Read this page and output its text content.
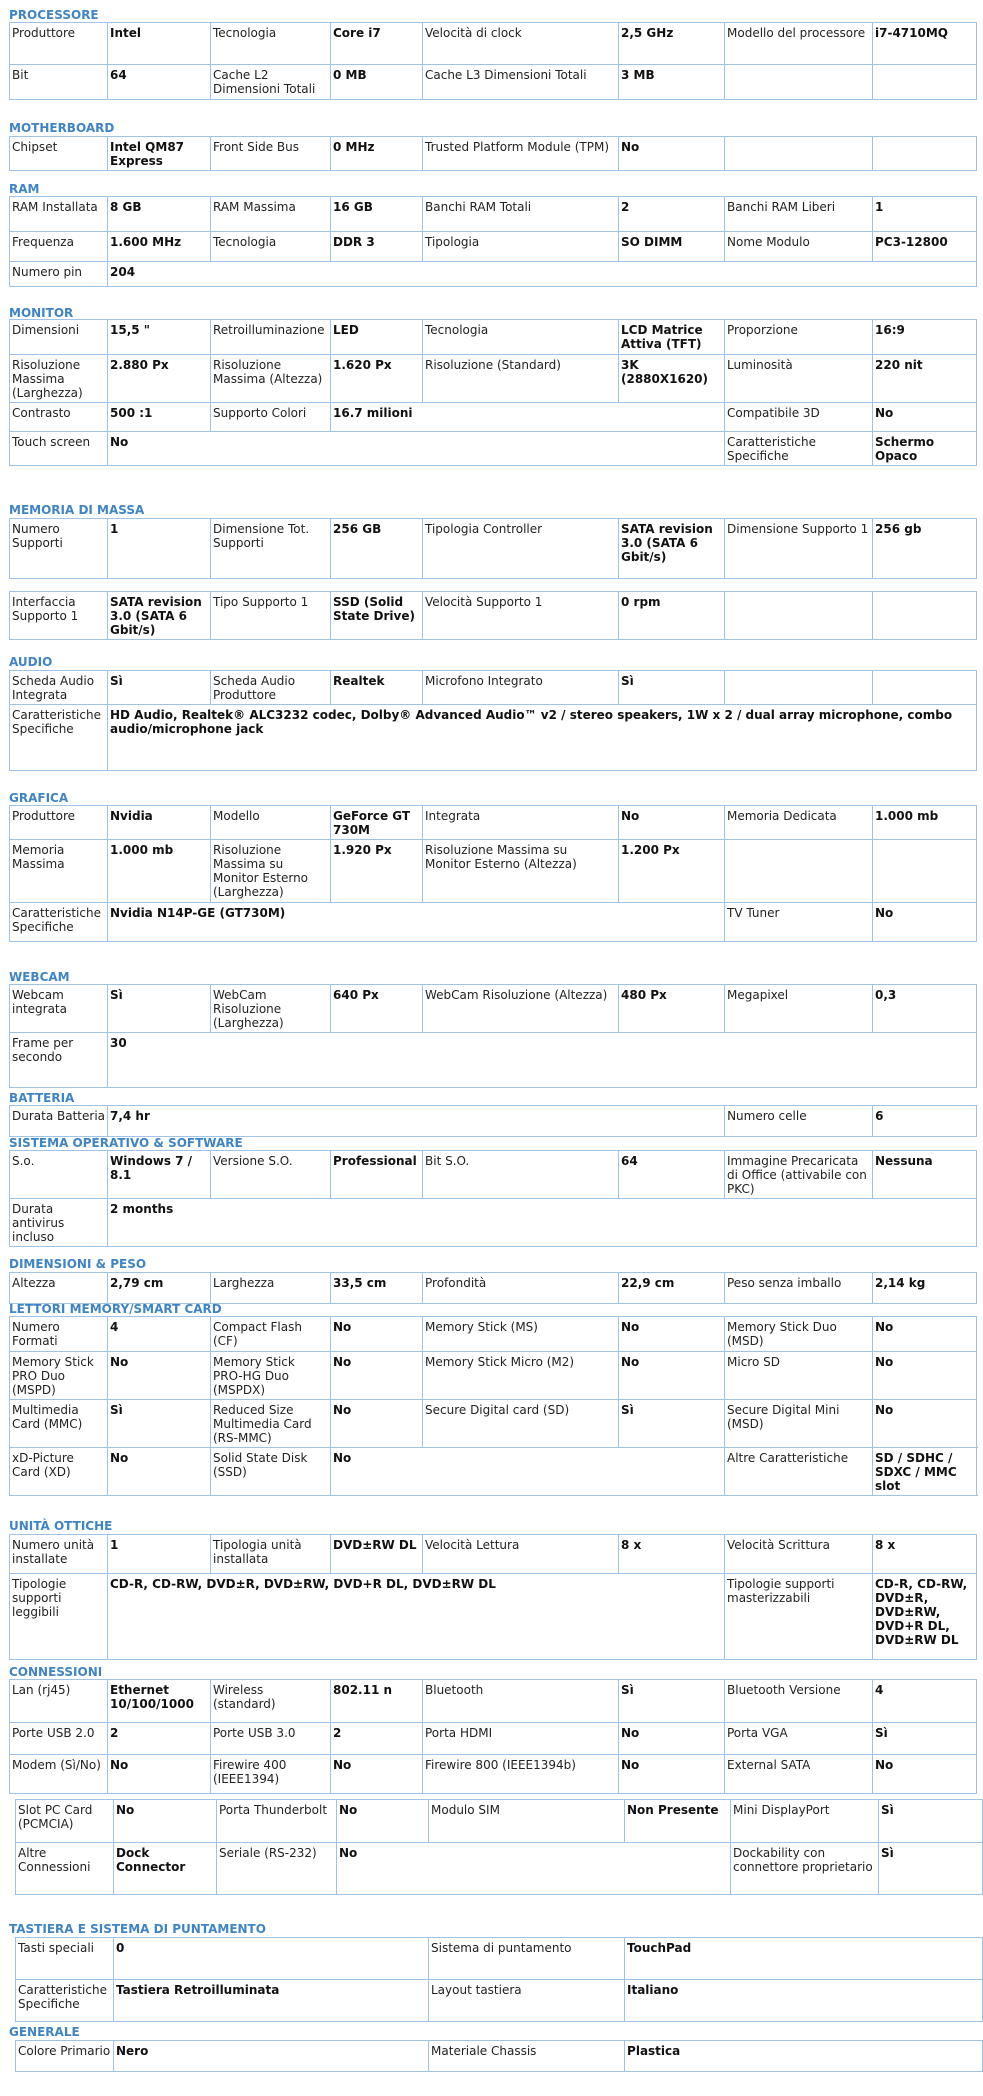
PROCESSORE
Produttore	Intel	Tecnologia	Core i7	Velocità di clock	2,5 GHz	Modello del processore	i7-4710MQ
Bit	64	Cache L2 Dimensioni Totali	0 MB	Cache L3 Dimensioni Totali	3 MB		
MOTHERBOARD
Chipset	Intel QM87 Express	Front Side Bus	0 MHz	Trusted Platform Module (TPM)	No		
RAM
RAM Installata	8 GB	RAM Massima	16 GB	Banchi RAM Totali	2	Banchi RAM Liberi	1
Frequenza	1.600 MHz	Tecnologia	DDR 3	Tipologia	SO DIMM	Nome Modulo	PC3-12800
Numero pin	204						
MONITOR
Dimensioni	15,5 "	Retroilluminazione	LED	Tecnologia	LCD Matrice Attiva (TFT)	Proporzione	16:9
Risoluzione Massima (Larghezza)	2.880 Px	Risoluzione Massima (Altezza)	1.620 Px	Risoluzione (Standard)	3K (2880X1620)	Luminosità	220 nit
Contrasto	500 :1	Supporto Colori	16.7 milioni			Compatibile 3D	No
Touch screen	No					Caratteristiche Specifiche	Schermo Opaco
MEMORIA DI MASSA
Numero Supporti	1	Dimensione Tot. Supporti	256 GB	Tipologia Controller	SATA revision 3.0 (SATA 6 Gbit/s)	Dimensione Supporto 1	256 gb
Interfaccia Supporto 1	SATA revision 3.0 (SATA 6 Gbit/s)	Tipo Supporto 1	SSD (Solid State Drive)	Velocità Supporto 1	0 rpm		
AUDIO
Scheda Audio Integrata	Sì	Scheda Audio Produttore	Realtek	Microfono Integrato	Sì		
Caratteristiche Specifiche	HD Audio, Realtek® ALC3232 codec, Dolby® Advanced Audio™ v2 / stereo speakers, 1W x 2 / dual array microphone, combo audio/microphone jack						
GRAFICA
Produttore	Nvidia	Modello	GeForce GT 730M	Integrata	No	Memoria Dedicata	1.000 mb
Memoria Massima	1.000 mb	Risoluzione Massima su Monitor Esterno (Larghezza)	1.920 Px	Risoluzione Massima su Monitor Esterno (Altezza)	1.200 Px		
Caratteristiche Specifiche	Nvidia N14P-GE (GT730M)					TV Tuner	No
WEBCAM
Webcam integrata	Sì	WebCam Risoluzione (Larghezza)	640 Px	WebCam Risoluzione (Altezza)	480 Px	Megapixel	0,3
Frame per secondo	30						
BATTERIA
Durata Batteria	7,4 hr	Numero celle	6
SISTEMA OPERATIVO & SOFTWARE
S.o.	Windows 7 / 8.1	Versione S.O.	Professional	Bit S.O.	64	Immagine Precaricata di Office (attivabile con PKC)	Nessuna
Durata antivirus incluso	2 months						
DIMENSIONI & PESO
Altezza	2,79 cm	Larghezza	33,5 cm	Profondità	22,9 cm	Peso senza imballo	2,14 kg
LETTORI MEMORY/SMART CARD
Numero Formati	4	Compact Flash (CF)	No	Memory Stick (MS)	No	Memory Stick Duo (MSD)	No
Memory Stick PRO Duo (MSPD)	No	Memory Stick PRO-HG Duo (MSPDX)	No	Memory Stick Micro (M2)	No	Micro SD	No
Multimedia Card (MMC)	Sì	Reduced Size Multimedia Card (RS-MMC)	No	Secure Digital card (SD)	Sì	Secure Digital Mini (MSD)	No
xD-Picture Card (XD)	No	Solid State Disk (SSD)	No			Altre Caratteristiche	SD / SDHC / SDXC / MMC slot
UNITÀ OTTICHE
Numero unità installate	1	Tipologia unità installata	DVD±RW DL	Velocità Lettura	8 x	Velocità Scrittura	8 x
Tipologie supporti leggibili	CD-R, CD-RW, DVD±R, DVD±RW, DVD+R DL, DVD±RW DL					Tipologie supporti masterizzabili	CD-R, CD-RW, DVD±R, DVD±RW, DVD+R DL, DVD±RW DL
CONNESSIONI
Lan (rj45)	Ethernet 10/100/1000	Wireless (standard)	802.11 n	Bluetooth	Sì	Bluetooth Versione	4
Porte USB 2.0	2	Porte USB 3.0	2	Porta HDMI	No	Porta VGA	Sì
Modem (Sì/No)	No	Firewire 400 (IEEE1394)	No	Firewire 800 (IEEE1394b)	No	External SATA	No
Slot PC Card (PCMCIA)	No	Porta Thunderbolt	No	Modulo SIM	Non Presente	Mini DisplayPort	Sì
Altre Connessioni	Dock Connector	Seriale (RS-232)	No			Dockability con connettore proprietario	Sì
TASTIERA E SISTEMA DI PUNTAMENTO
Tasti speciali	0	Sistema di puntamento	TouchPad
Caratteristiche Specifiche	Tastiera Retroilluminata	Layout tastiera	Italiano
GENERALE
Colore Primario	Nero	Materiale Chassis	Plastica
